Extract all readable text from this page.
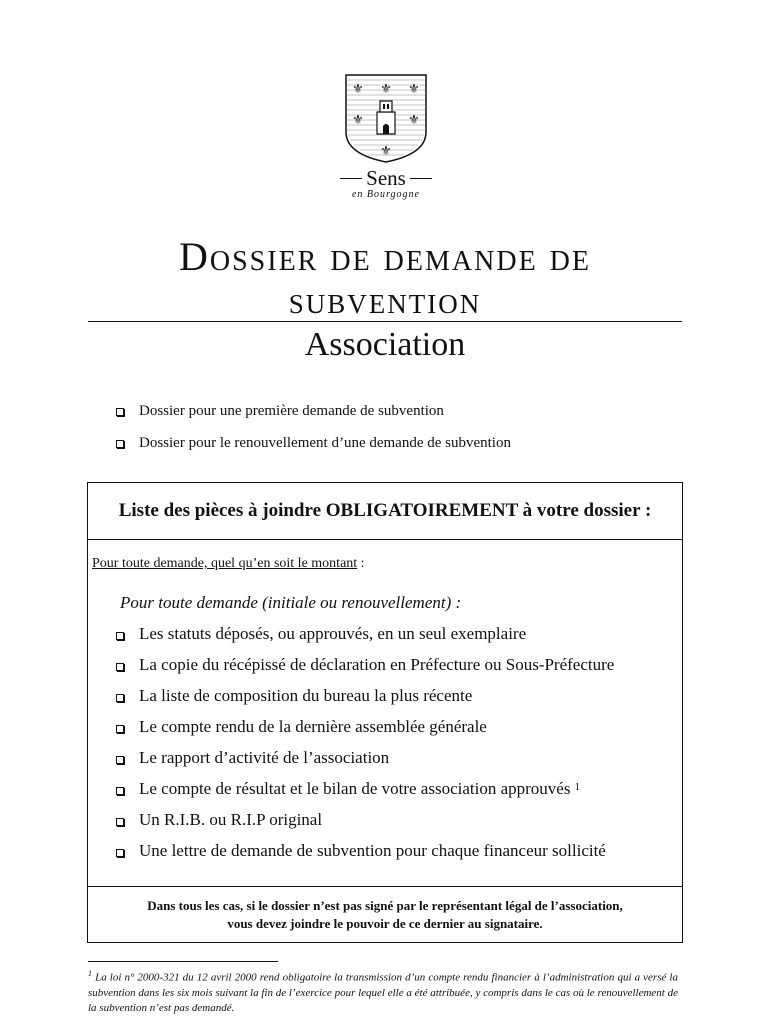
⚜ ⚜ ⚜
⚜	⚜
⚜
Sens
en Bourgogne
Dossier de demande de
subvention
Association
Dossier pour une première demande de subvention
Dossier pour le renouvellement d’une demande de subvention
Liste des pièces à joindre OBLIGATOIREMENT à votre dossier :
Pour toute demande, quel qu’en soit le montant :
Pour toute demande (initiale ou renouvellement) :
Les statuts déposés, ou approuvés, en un seul exemplaire
La copie du récépissé de déclaration en Préfecture ou Sous-Préfecture
La liste de composition du bureau la plus récente
Le compte rendu de la dernière assemblée générale
Le rapport d’activité de l’association
Le compte de résultat et le bilan de votre association approuvés $^1$
Un R.I.B. ou R.I.P original
Une lettre de demande de subvention pour chaque financeur sollicité
Dans tous les cas, si le dossier n’est pas signé par le représentant légal de l’association,
vous devez joindre le pouvoir de ce dernier au signataire.
$^1$ La loi n° 2000-321 du 12 avril 2000 rend obligatoire la transmission d’un compte rendu financier à l’administration qui a versé la subvention dans les six mois suivant la fin de l’exercice pour lequel elle a été attribuée, y compris dans le cas où le renouvellement de la subvention n’est pas demandé.
